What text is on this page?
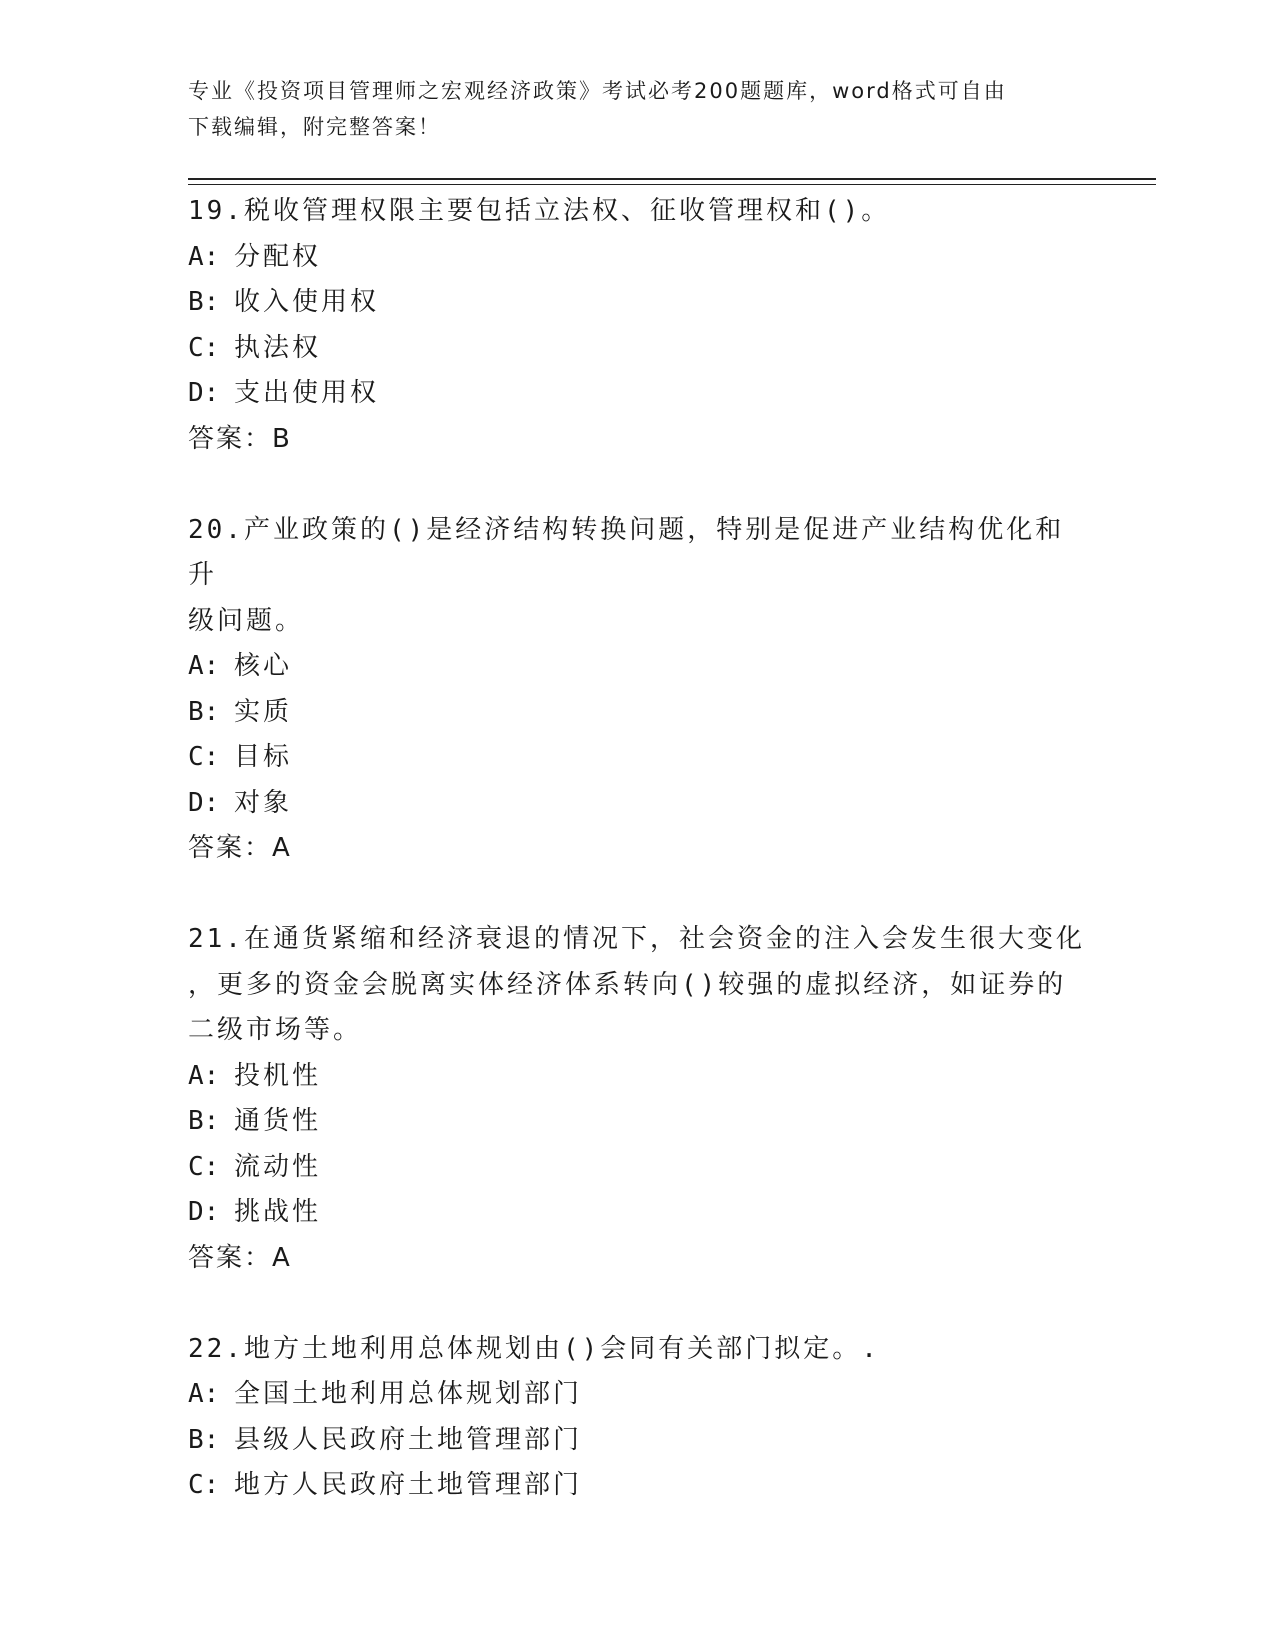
专业《投资项目管理师之宏观经济政策》考试必考200题题库，word格式可自由
下载编辑，附完整答案！
19.税收管理权限主要包括立法权、征收管理权和()。
A: 分配权
B: 收入使用权
C: 执法权
D: 支出使用权
答案：B
20.产业政策的()是经济结构转换问题，特别是促进产业结构优化和升
级问题。
A: 核心
B: 实质
C: 目标
D: 对象
答案：A
21.在通货紧缩和经济衰退的情况下，社会资金的注入会发生很大变化
，更多的资金会脱离实体经济体系转向()较强的虚拟经济，如证券的
二级市场等。
A: 投机性
B: 通货性
C: 流动性
D: 挑战性
答案：A
22.地方土地利用总体规划由()会同有关部门拟定。.
A: 全国土地利用总体规划部门
B: 县级人民政府土地管理部门
C: 地方人民政府土地管理部门
